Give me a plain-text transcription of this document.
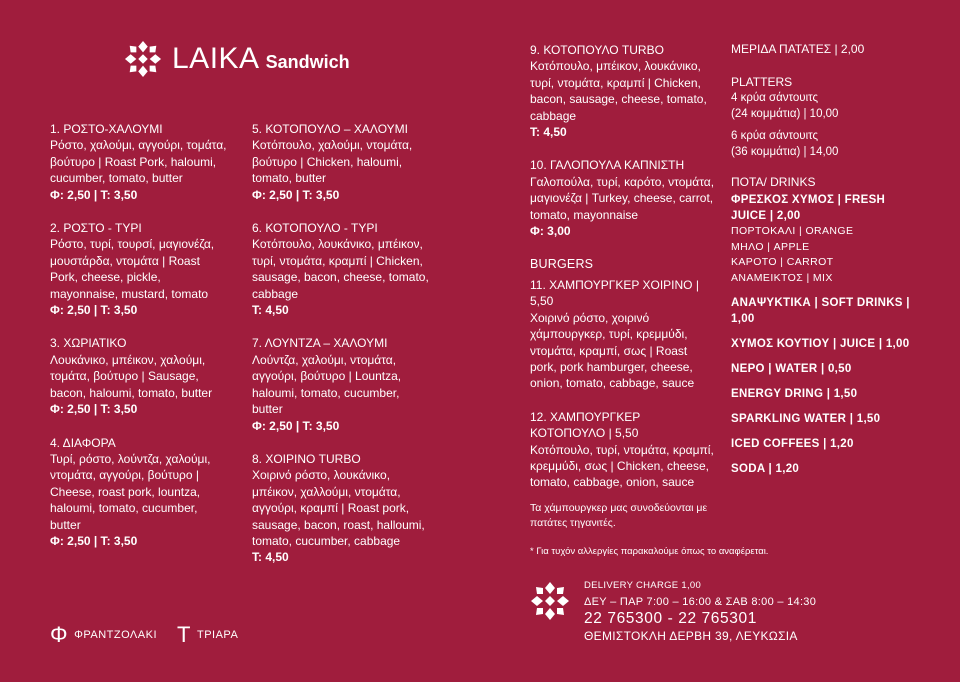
LAIKA Sandwich
1. ΡΟΣΤΟ-ΧΑΛΟΥΜΙ
Ρόστο, χαλούμι, αγγούρι, τομάτα, βούτυρο | Roast Pork, haloumi, cucumber, tomato, butter
Φ: 2,50 | Τ: 3,50
2. ΡΟΣΤΟ - ΤΥΡΙ
Ρόστο, τυρί, τουρσί, μαγιονέζα, μουστάρδα, ντομάτα | Roast Pork, cheese, pickle, mayonnaise, mustard, tomato
Φ: 2,50 | Τ: 3,50
3. ΧΩΡΙΑΤΙΚΟ
Λουκάνικο, μπέικον, χαλούμι, τομάτα, βούτυρο | Sausage, bacon, haloumi, tomato, butter
Φ: 2,50 | Τ: 3,50
4. ΔΙΑΦΟΡΑ
Τυρί, ρόστο, λούντζα, χαλούμι, ντομάτα, αγγούρι, βούτυρο | Cheese, roast pork, lountza, haloumi, tomato, cucumber, butter
Φ: 2,50 | Τ: 3,50
5. ΚΟΤΟΠΟΥΛΟ – ΧΑΛΟΥΜΙ
Κοτόπουλο, χαλούμι, ντομάτα, βούτυρο | Chicken, haloumi, tomato, butter
Φ: 2,50 | Τ: 3,50
6. ΚΟΤΟΠΟΥΛΟ - ΤΥΡΙ
Κοτόπουλο, λουκάνικο, μπέικον, τυρί, ντομάτα, κραμπί | Chicken, sausage, bacon, cheese, tomato, cabbage
Τ: 4,50
7. ΛΟΥΝΤΖΑ – ΧΑΛΟΥΜΙ
Λούντζα, χαλούμι, ντομάτα, αγγούρι, βούτυρο | Lountza, haloumi, tomato, cucumber, butter
Φ: 2,50 | Τ: 3,50
8. ΧΟΙΡΙΝΟ TURBO
Χοιρινό ρόστο, λουκάνικο, μπέικον, χαλλούμι, ντομάτα, αγγούρι, κραμπί | Roast pork, sausage, bacon, roast, halloumi, tomato, cucumber, cabbage
Τ: 4,50
9. ΚΟΤΟΠΟΥΛΟ TURBO
Κοτόπουλο, μπέικον, λουκάνικο, τυρί, ντομάτα, κραμπί | Chicken, bacon, sausage, cheese, tomato, cabbage
Τ: 4,50
10. ΓΑΛΟΠΟΥΛΑ ΚΑΠΝΙΣΤΗ
Γαλοπούλα, τυρί, καρότο, ντομάτα, μαγιονέζα | Turkey, cheese, carrot, tomato, mayonnaise
Φ: 3,00
BURGERS
11. ΧΑΜΠΟΥΡΓΚΕΡ ΧΟΙΡΙΝΟ | 5,50
Χοιρινό ρόστο, χοιρινό χάμπουργκερ, τυρί, κρεμμύδι, ντομάτα, κραμπί, σως | Roast pork, pork hamburger, cheese, onion, tomato, cabbage, sauce
12. ΧΑΜΠΟΥΡΓΚΕΡ ΚΟΤΟΠΟΥΛΟ | 5,50
Κοτόπουλο, τυρί, ντομάτα, κραμπί, κρεμμύδι, σως | Chicken, cheese, tomato, cabbage, onion, sauce
Τα χάμπουργκερ μας συνοδεύονται με πατάτες τηγανιτές.
* Για τυχόν αλλεργίες παρακαλούμε όπως το αναφέρεται.
ΜΕΡΙΔΑ ΠΑΤΑΤΕΣ | 2,00
PLATTERS
4 κρύα σάντουιτς
(24 κομμάτια) | 10,00
6 κρύα σάντουιτς
(36 κομμάτια) | 14,00
ΠΟΤΑ/ DRINKS
ΦΡΕΣΚΟΣ ΧΥΜΟΣ | FRESH
JUICE | 2,00
ΠΟΡΤΟΚΑΛΙ | ORANGE
ΜΗΛΟ | APPLE
ΚΑΡΟΤΟ | CARROT
ΑΝΑΜΕΙΚΤΟΣ | MIX
ΑΝΑΨΥΚΤΙΚΑ | SOFT DRINKS | 1,00
ΧΥΜΟΣ ΚΟΥΤΙΟΥ | JUICE | 1,00
ΝΕΡΟ | WATER | 0,50
ENERGY DRING | 1,50
SPARKLING WATER | 1,50
ICED COFFEES | 1,20
SODA | 1,20
Φ ΦΡΑΝΤΖΟΛΑΚΙ Τ ΤΡΙΑΡΑ
DELIVERY CHARGE 1,00
ΔΕΥ – ΠΑΡ 7:00 – 16:00 & ΣΑΒ 8:00 – 14:30
22 765300 - 22 765301
ΘΕΜΙΣΤΟΚΛΗ ΔΕΡΒΗ 39, ΛΕΥΚΩΣΙΑ
